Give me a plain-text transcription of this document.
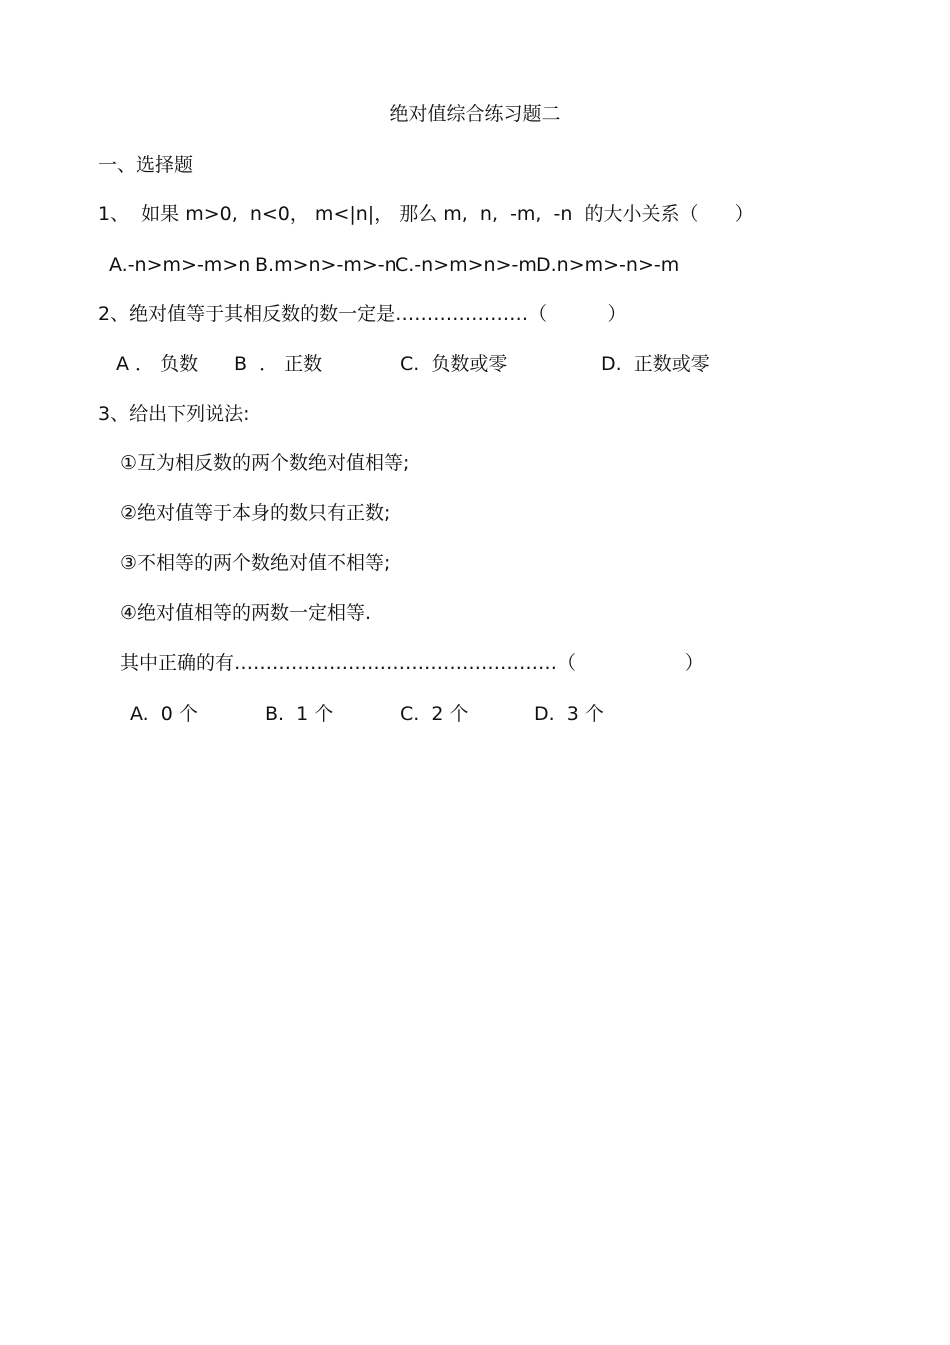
绝对值综合练习题二
一、选择题
1、  如果 m>0,  n<0， m<|n|， 那么 m,  n,  -m,  -n  的大小关系（      ）
A.-n>m>-m>n B.m>n>-m>-n
C.-n>m>n>-m D.n>m>-n>-m
2、绝对值等于其相反数的数一定是…………………（          ）
A ． 负数 B  ． 正数	C.  负数或零	D.  正数或零
3、给出下列说法:
①互为相反数的两个数绝对值相等;
②绝对值等于本身的数只有正数;
③不相等的两个数绝对值不相等;
④绝对值相等的两数一定相等.
其中正确的有……………………………………………（                  ）
A.  0 个	B.  1 个	C.  2 个	D.  3 个
